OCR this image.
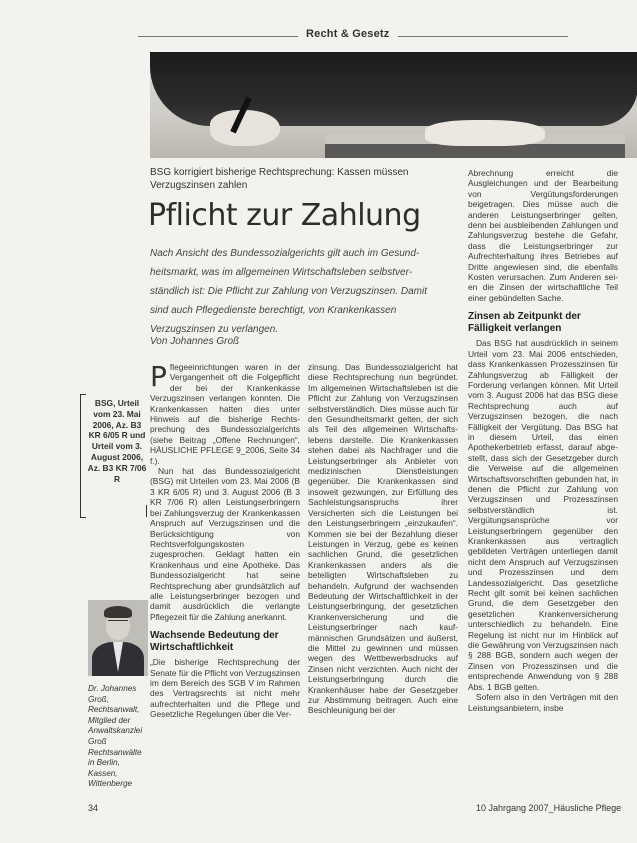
Recht & Gesetz
BSG korrigiert bisherige Rechtsprechung: Kassen müssen Verzugszinsen zahlen
Pflicht zur Zahlung
Nach Ansicht des Bundessozialgerichts gilt auch im Gesundheitsmarkt, was im allgemeinen Wirtschaftsleben selbstverständlich ist: Die Pflicht zur Zahlung von Verzugszinsen. Damit sind auch Pflegedienste berechtigt, von Krankenkassen Verzugszinsen zu verlangen.
Von Johannes Groß
BSG, Urteil vom 23. Mai 2006, Az. B3 KR 6/05 R und Urteil vom 3. August 2006, Az. B3 KR 7/06 R
Dr. Johannes Groß, Rechtsanwalt, Mitglied der Anwaltskanzlei Groß Rechtsanwälte in Berlin, Kassen, Wittenberge

Pflegeeinrichtungen waren in der Vergangenheit oft die Folgepflicht der bei der Krankenkasse Verzugszinsen verlangen konnten. Die Krankenkassen hatten dies unter Hinweis auf die bisherige Rechtsprechung des Bundessozialgerichts (siehe Beitrag „Offene Rechnungen“, HÄUSLICHE PFLEGE 9_2006, Seite 34 f.).

Nun hat das Bundessozialgericht (BSG) mit Urteilen vom 23. Mai 2006 (B 3 KR 6/05 R) und 3. August 2006 (B 3 KR 7/06 R) allen Leistungserbringern bei Zahlungsverzug der Krankenkassen Anspruch auf Verzugszinsen und die Berücksichtigung von Rechtsverfolgungskosten zugesprochen. Geklagt hatten ein Krankenhaus und eine Apotheke. Das Bundessozialgericht hat seine Rechtsprechung aber grundsätzlich auf alle Leistungserbringer bezogen und damit ausdrücklich die verlangte Pflegezeit für die Zahlung anerkannt.

Wachsende Bedeutung der Wirtschaftlichkeit

„Die bisherige Rechtsprechung der Senate für die Pflicht von Verzugszinsen im dem Bereich des SGB V im Rahmen des Vertragsrechts ist nicht mehr aufrechterhalten und die Pflege und Gesetzliche Regelungen über die Ver-

zinsung. Das Bundessozialgericht hat diese Rechtsprechung nun begründet. Im allgemeinen Wirtschaftsleben ist die Pflicht zur Zahlung von Verzugszinsen selbstverständlich. Dies müsse auch für den Gesundheitsmarkt gelten, der sich als Teil des allgemeinen Wirtschaftslebens darstelle. Die Krankenkassen stehen dabei als Nachfrager und die Leistungserbringer als Anbieter von medizinischen Dienstleistungen gegenüber. Die Krankenkassen sind insoweit gezwungen, zur Erfüllung des Sachleistungsanspruchs ihrer Versicherten sich die Leistungen bei den Leistungserbringern „einzukaufen“. Kommen sie bei der Bezahlung dieser Leistungen in Verzug, gebe es keinen sachlichen Grund, die gesetzlichen Krankenkassen anders als die beteiligten Wirtschaftsleben zu behandeln. Aufgrund der wachsenden Bedeutung der Wirtschaftlichkeit in der Leistungserbringung, der gesetzlichen Krankenversicherung und die Leistungserbringer nach kaufmännischen Grundsätzen und äußerst, die Mittel zu gewinnen und müssen wegen des Wettbewerbsdrucks auf Zinsen nicht verzichten. Auch nicht der Leistungserbringung durch die Krankenhäuser habe der Gesetzgeber zur Abstimmung beitragen. Auch eine Beschleunigung bei der

Abrechnung erreicht die Ausgleichungen und der Bearbeitung von Vergütungsforderungen beigetragen. Dies müsse auch die anderen Leistungserbringer gelten, denn bei ausbleibenden Zahlungen und Zahlungsverzug bestehe die Gefahr, dass die Leistungserbringer zur Aufrechterhaltung ihres Betriebes auf Dritte angewiesen sind, die ebenfalls Kosten verursachen. Zum Anderen seien die Zinsen der wirtschaftliche Teil einer gebündelten Sache.

Zinsen ab Zeitpunkt der Fälligkeit verlangen

Das BSG hat ausdrücklich in seinem Urteil vom 23. Mai 2006 entschieden, dass Krankenkassen Prozesszinsen für Zahlungsverzug ab Fälligkeit der Forderung verlangen können. Mit Urteil vom 3. August 2006 hat das BSG diese Rechtsprechung auch auf Verzugszinsen bezogen, die nach Fälligkeit der Vergütung. Das BSG hat in diesem Urteil, das einen Apothekerbetrieb erfasst, darauf abgestellt, dass sich der Gesetzgeber durch die Verweise auf die allgemeinen Wirtschaftsvorschriften gebunden hat, in denen die Pflicht zur Zahlung von Verzugszinsen und Prozesszinsen selbstverständlich ist. Vergütungsansprüche vor Leistungserbringern gegenüber den Krankenkassen aus vertraglich gebildeten Verträgen unterliegen damit nicht dem Anspruch auf Verzugszinsen und Prozesszinsen und dem Landessozialgericht. Das gesetzliche Recht gilt somit bei keinen sachlichen Grund, die dem Gesetzgeber den gesetzlichen Krankenversicherung unterschiedlich zu behandeln. Eine Regelung ist nicht nur im Hinblick auf die Gewährung von Verzugszinsen nach § 288 BGB, sondern auch wegen der Zinsen von Prozesszinsen und die entsprechende Anwendung von § 288 Abs. 1 BGB gelten.

Sofern also in den Verträgen mit den Leistungsanbietern, insbe

34	10 Jahrgang 2007_Häusliche Pflege
